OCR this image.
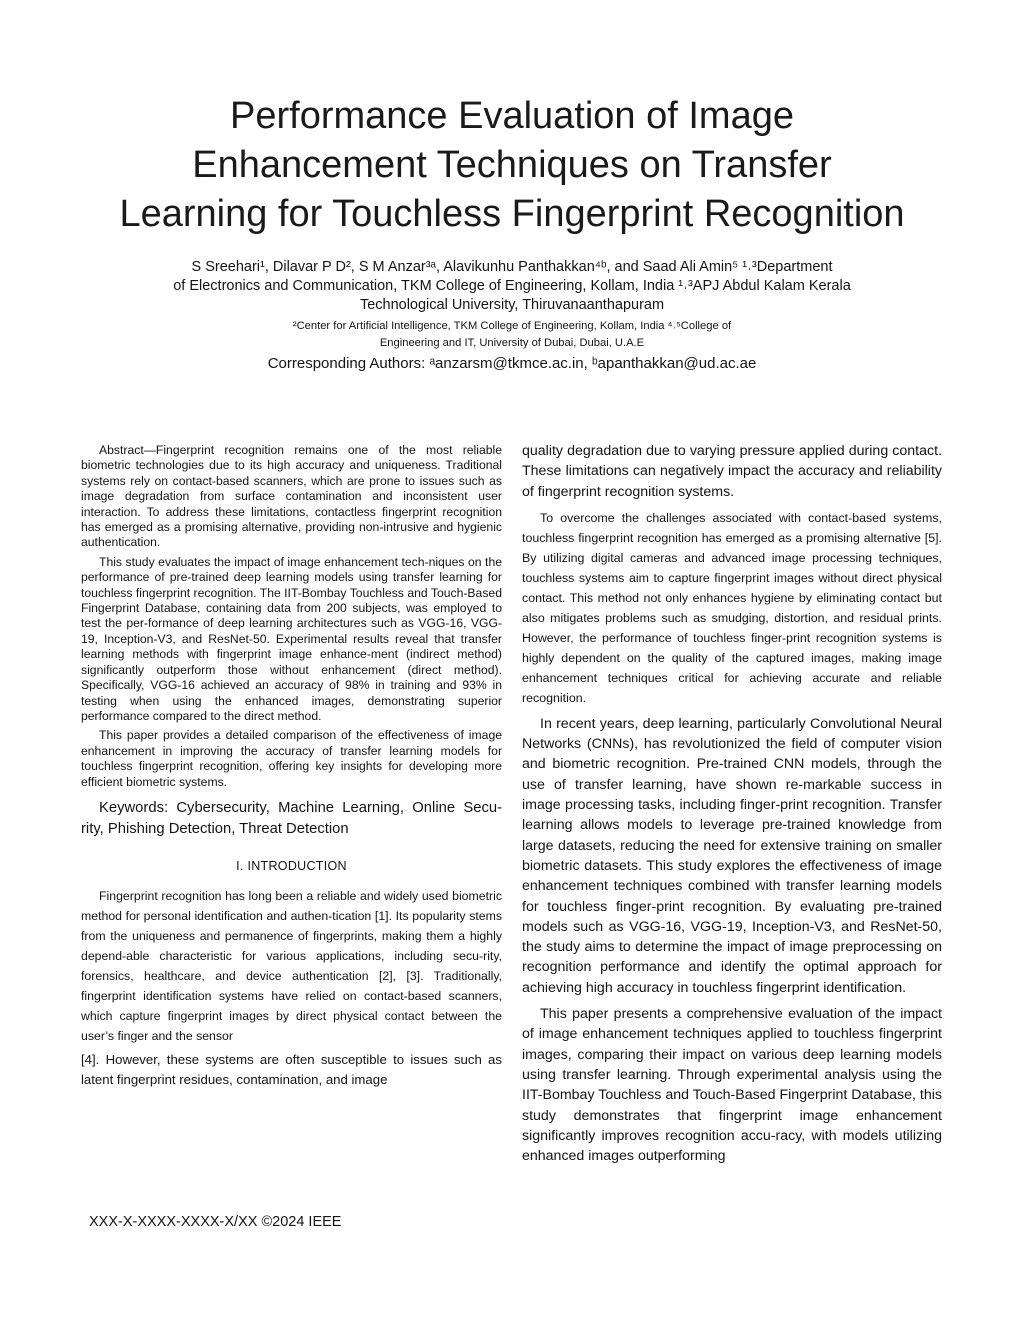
Performance Evaluation of Image
Enhancement Techniques on Transfer
Learning for Touchless Fingerprint Recognition
S Sreehari¹, Dilavar P D², S M Anzar³ᵃ, Alavikunhu Panthakkan⁴ᵇ, and Saad Ali Amin⁵ ¹˒³Department
of Electronics and Communication, TKM College of Engineering, Kollam, India ¹˒³APJ Abdul Kalam Kerala
Technological University, Thiruvanaanthapuram
²Center for Artificial Intelligence, TKM College of Engineering, Kollam, India ⁴˒⁵College of
Engineering and IT, University of Dubai, Dubai, U.A.E
Corresponding Authors: ᵃanzarsm@tkmce.ac.in, ᵇapanthakkan@ud.ac.ae

Abstract—Fingerprint recognition remains one of the most reliable biometric technologies due to its high accuracy and uniqueness. Traditional systems rely on contact-based scanners, which are prone to issues such as image degradation from surface contamination and inconsistent user interaction. To address these limitations, contactless fingerprint recognition has emerged as a promising alternative, providing non-intrusive and hygienic authentication.

This study evaluates the impact of image enhancement tech-niques on the performance of pre-trained deep learning models using transfer learning for touchless fingerprint recognition. The IIT-Bombay Touchless and Touch-Based Fingerprint Database, containing data from 200 subjects, was employed to test the per-formance of deep learning architectures such as VGG-16, VGG-19, Inception-V3, and ResNet-50. Experimental results reveal that transfer learning methods with fingerprint image enhance-ment (indirect method) significantly outperform those without enhancement (direct method). Specifically, VGG-16 achieved an accuracy of 98% in training and 93% in testing when using the enhanced images, demonstrating superior performance compared to the direct method.

This paper provides a detailed comparison of the effectiveness of image enhancement in improving the accuracy of transfer learning models for touchless fingerprint recognition, offering key insights for developing more efficient biometric systems.

Keywords: Cybersecurity, Machine Learning, Online Secu-rity, Phishing Detection, Threat Detection

I. INTRODUCTION

Fingerprint recognition has long been a reliable and widely used biometric method for personal identification and authen-tication [1]. Its popularity stems from the uniqueness and permanence of fingerprints, making them a highly depend-able characteristic for various applications, including secu-rity, forensics, healthcare, and device authentication [2], [3]. Traditionally, fingerprint identification systems have relied on contact-based scanners, which capture fingerprint images by direct physical contact between the user’s finger and the sensor

[4]. However, these systems are often susceptible to issues such as latent fingerprint residues, contamination, and image

quality degradation due to varying pressure applied during contact. These limitations can negatively impact the accuracy and reliability of fingerprint recognition systems.

To overcome the challenges associated with contact-based systems, touchless fingerprint recognition has emerged as a promising alternative [5]. By utilizing digital cameras and advanced image processing techniques, touchless systems aim to capture fingerprint images without direct physical contact. This method not only enhances hygiene by eliminating contact but also mitigates problems such as smudging, distortion, and residual prints. However, the performance of touchless finger-print recognition systems is highly dependent on the quality of the captured images, making image enhancement techniques critical for achieving accurate and reliable recognition.

In recent years, deep learning, particularly Convolutional Neural Networks (CNNs), has revolutionized the field of computer vision and biometric recognition. Pre-trained CNN models, through the use of transfer learning, have shown re-markable success in image processing tasks, including finger-print recognition. Transfer learning allows models to leverage pre-trained knowledge from large datasets, reducing the need for extensive training on smaller biometric datasets. This study explores the effectiveness of image enhancement techniques combined with transfer learning models for touchless finger-print recognition. By evaluating pre-trained models such as VGG-16, VGG-19, Inception-V3, and ResNet-50, the study aims to determine the impact of image preprocessing on recognition performance and identify the optimal approach for achieving high accuracy in touchless fingerprint identification.

This paper presents a comprehensive evaluation of the impact of image enhancement techniques applied to touchless fingerprint images, comparing their impact on various deep learning models using transfer learning. Through experimental analysis using the IIT-Bombay Touchless and Touch-Based Fingerprint Database, this study demonstrates that fingerprint image enhancement significantly improves recognition accu-racy, with models utilizing enhanced images outperforming

XXX-X-XXXX-XXXX-X/XX ©2024 IEEE
